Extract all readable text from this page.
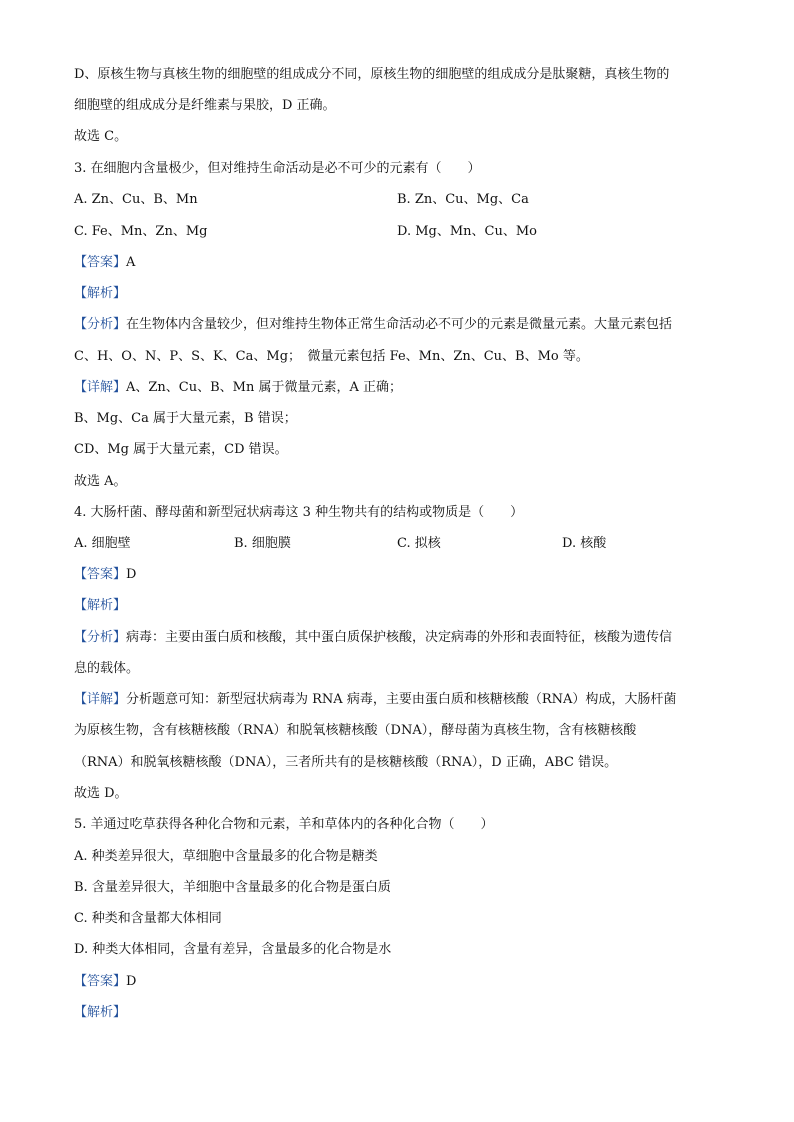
D、原核生物与真核生物的细胞壁的组成成分不同，原核生物的细胞壁的组成成分是肽聚糖，真核生物的
细胞壁的组成成分是纤维素与果胶，D 正确。
故选 C。
3. 在细胞内含量极少，但对维持生命活动是必不可少的元素有（　　）
A. Zn、Cu、B、Mn	B. Zn、Cu、Mg、Ca
C. Fe、Mn、Zn、Mg	D. Mg、Mn、Cu、Mo
【答案】A
【解析】
【分析】在生物体内含量较少，但对维持生物体正常生命活动必不可少的元素是微量元素。大量元素包括
C、H、O、N、P、S、K、Ca、Mg；　微量元素包括 Fe、Mn、Zn、Cu、B、Mo 等。
【详解】A、Zn、Cu、B、Mn 属于微量元素，A 正确；
B、Mg、Ca 属于大量元素，B 错误；
CD、Mg 属于大量元素，CD 错误。
故选 A。
4. 大肠杆菌、酵母菌和新型冠状病毒这 3 种生物共有的结构或物质是（　　）
A. 细胞壁	B. 细胞膜	C. 拟核	D. 核酸
【答案】D
【解析】
【分析】病毒：主要由蛋白质和核酸，其中蛋白质保护核酸，决定病毒的外形和表面特征，核酸为遗传信
息的载体。
【详解】分析题意可知：新型冠状病毒为 RNA 病毒，主要由蛋白质和核糖核酸（RNA）构成，大肠杆菌
为原核生物，含有核糖核酸（RNA）和脱氧核糖核酸（DNA），酵母菌为真核生物，含有核糖核酸
（RNA）和脱氧核糖核酸（DNA），三者所共有的是核糖核酸（RNA），D 正确，ABC 错误。
故选 D。
5. 羊通过吃草获得各种化合物和元素，羊和草体内的各种化合物（　　）
A. 种类差异很大，草细胞中含量最多的化合物是糖类
B. 含量差异很大，羊细胞中含量最多的化合物是蛋白质
C. 种类和含量都大体相同
D. 种类大体相同，含量有差异，含量最多的化合物是水
【答案】D
【解析】
